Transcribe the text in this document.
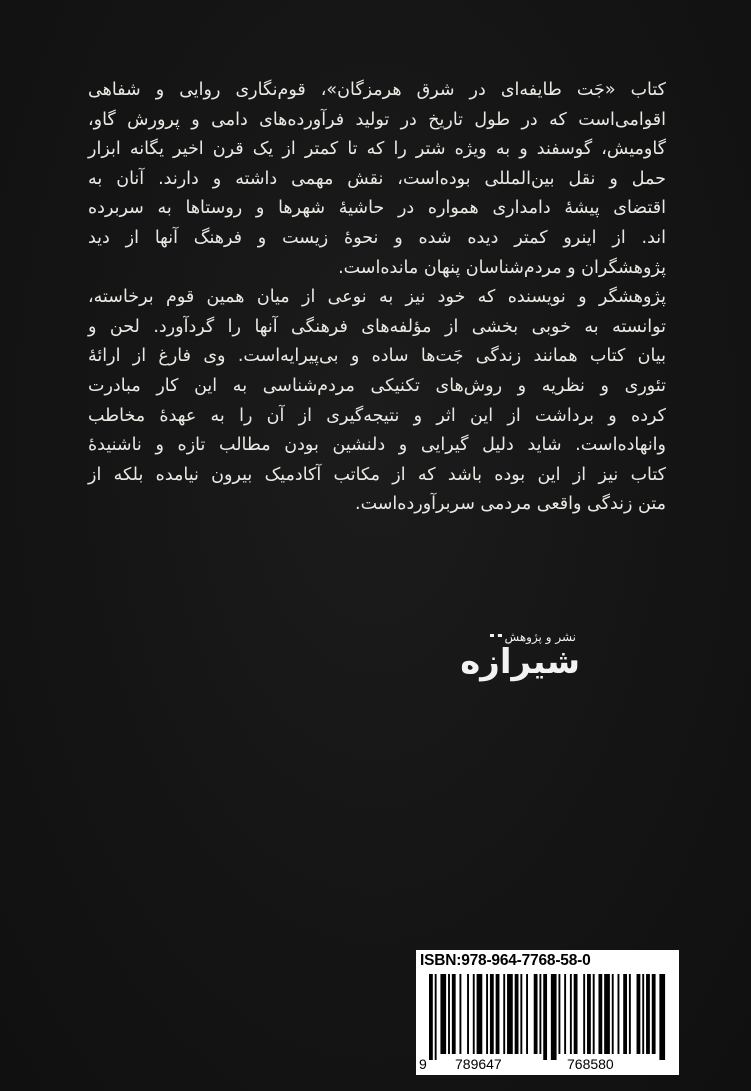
کتاب «جَت طایفه‌ای در شرق هرمزگان»، قوم‌نگاری روایی و شفاهی
اقوامی‌است که در طول تاریخ در تولید فرآورده‌های دامی و پرورش گاو،
گاومیش، گوسفند و به ویژه شتر را که تا کمتر از یک قرن اخیر یگانه ابزار
حمل و نقل بین‌المللی بوده‌است، نقش مهمی داشته و دارند. آنان به
اقتضای پیشهٔ دامداری همواره در حاشیهٔ شهرها و روستاها به سربرده
اند. از اینرو کمتر دیده شده و نحوهٔ زیست و فرهنگ آنها از دید
پژوهشگران و مردم‌شناسان پنهان مانده‌است.

پژوهشگر و نویسنده که خود نیز به نوعی از میان همین قوم برخاسته،
توانسته به خوبی بخشی از مؤلفه‌های فرهنگی آنها را گردآورد. لحن و
بیان کتاب همانند زندگی جَت‌ها ساده و بی‌پیرایه‌است. وی فارغ از ارائهٔ
تئوری و نظریه و روش‌های تکنیکی مردم‌شناسی به این کار مبادرت
کرده و برداشت از این اثر و نتیجه‌گیری از آن را به عهدهٔ مخاطب
وانهاده‌است. شاید دلیل گیرایی و دلنشین بودن مطالب تازه و ناشنیدهٔ
کتاب نیز از این بوده باشد که از مکاتب آکادمیک بیرون نیامده بلکه از
متن زندگی واقعی مردمی سربرآورده‌است.

نشر و پژوهش
شیرازه
ISBN:978-964-7768-58-0
9 789647	768580
